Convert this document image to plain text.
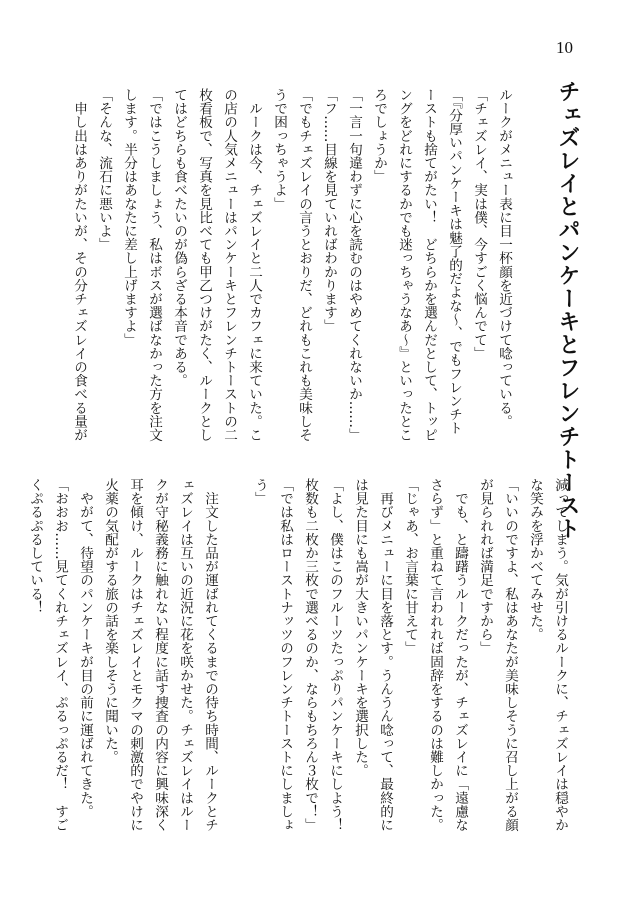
10
チェズレイとパンケーキとフレンチトースト

ルークがメニュー表に目一杯顔を近づけて唸っている。

「チェズレイ、実は僕、今すごく悩んでて」

「『分厚いパンケーキは魅了的だよな〜、でもフレンチト

ーストも捨てがたい！　どちらかを選んだとして、トッピ

ングをどれにするかでも迷っちゃうなあ〜』といったとこ

ろでしょうか」

「一言一句違わずに心を読むのはやめてくれないか……」

「フ……目線を見ていればわかります」

「でもチェズレイの言うとおりだ、どれもこれも美味しそ

うで困っちゃうよ」

　ルークは今、チェズレイと二人でカフェに来ていた。こ

の店の人気メニューはパンケーキとフレンチトーストの二

枚看板で、写真を見比べても甲乙つけがたく、ルークとし

てはどちらも食べたいのが偽らざる本音である。

「ではこうしましょう、私はボスが選ばなかった方を注文

します。半分はあなたに差し上げますよ」

「そんな、流石に悪いよ」

　申し出はありがたいが、その分チェズレイの食べる量が

減ってしまう。気が引けるルークに、チェズレイは穏やか

な笑みを浮かべてみせた。

「いいのですよ、私はあなたが美味しそうに召し上がる顔

が見られれば満足ですから」

　でも、と躊躇うルークだったが、チェズレイに「遠慮な

さらず」と重ねて言われれば固辞をするのは難しかった。

「じゃあ、お言葉に甘えて」

　再びメニューに目を落とす。うんうん唸って、最終的に

は見た目にも嵩が大きいパンケーキを選択した。

「よし、僕はこのフルーツたっぷりパンケーキにしよう！

枚数も二枚か三枚で選べるのか、ならもちろん３枚で！」

「では私はローストナッツのフレンチトーストにしましょ

う」

　注文した品が運ばれてくるまでの待ち時間、ルークとチ

ェズレイは互いの近況に花を咲かせた。チェズレイはルー

クが守秘義務に触れない程度に話す捜査の内容に興味深く

耳を傾け、ルークはチェズレイとモクマの刺激的でやけに

火薬の気配がする旅の話を楽しそうに聞いた。

　やがて、待望のパンケーキが目の前に運ばれてきた。

「おおお……見てくれチェズレイ、ぷるっぷるだ！　すご

くぷるぷるしている！
